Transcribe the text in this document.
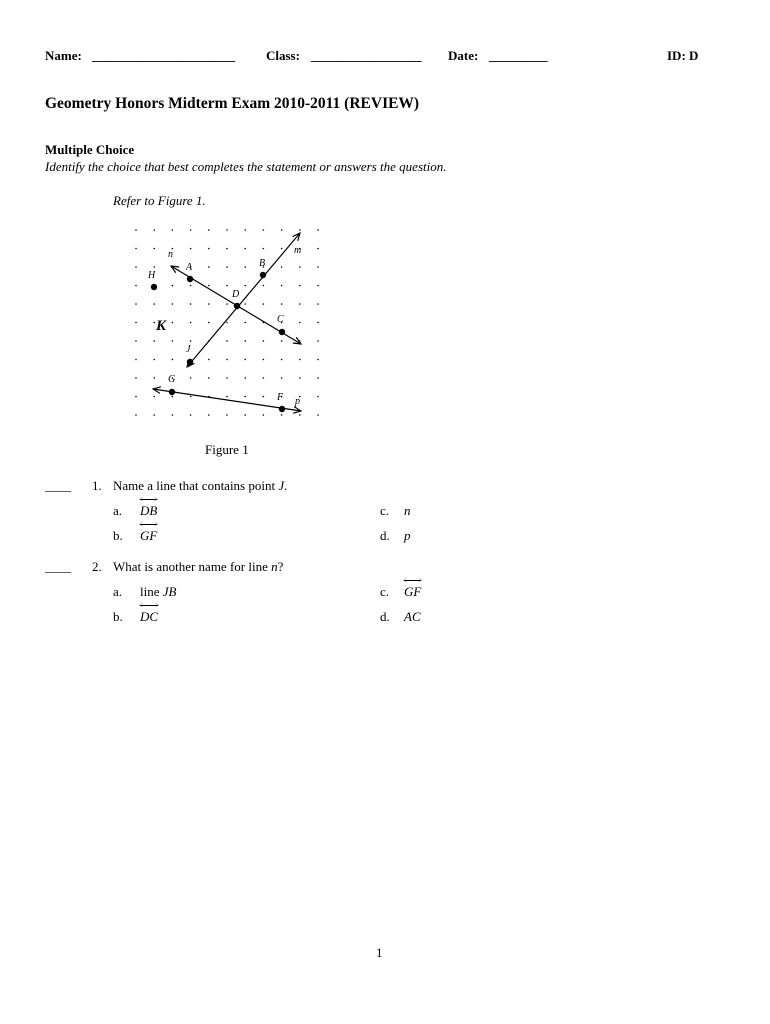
Name: ______________________ Class: _________________ Date: _________	ID: D
Geometry Honors Midterm Exam 2010-2011 (REVIEW)
Multiple Choice
Identify the choice that best completes the statement or answers the question.
Refer to Figure 1.
n	m
A	B
H
D
C
J
G
F p
K
Figure 1
____ 1. Name a line that contains point J.
a. DB
b. GF
c. n
d. p
____ 2. What is another name for line n?
a. line JB
b. DC
c. GF
d. AC
1
